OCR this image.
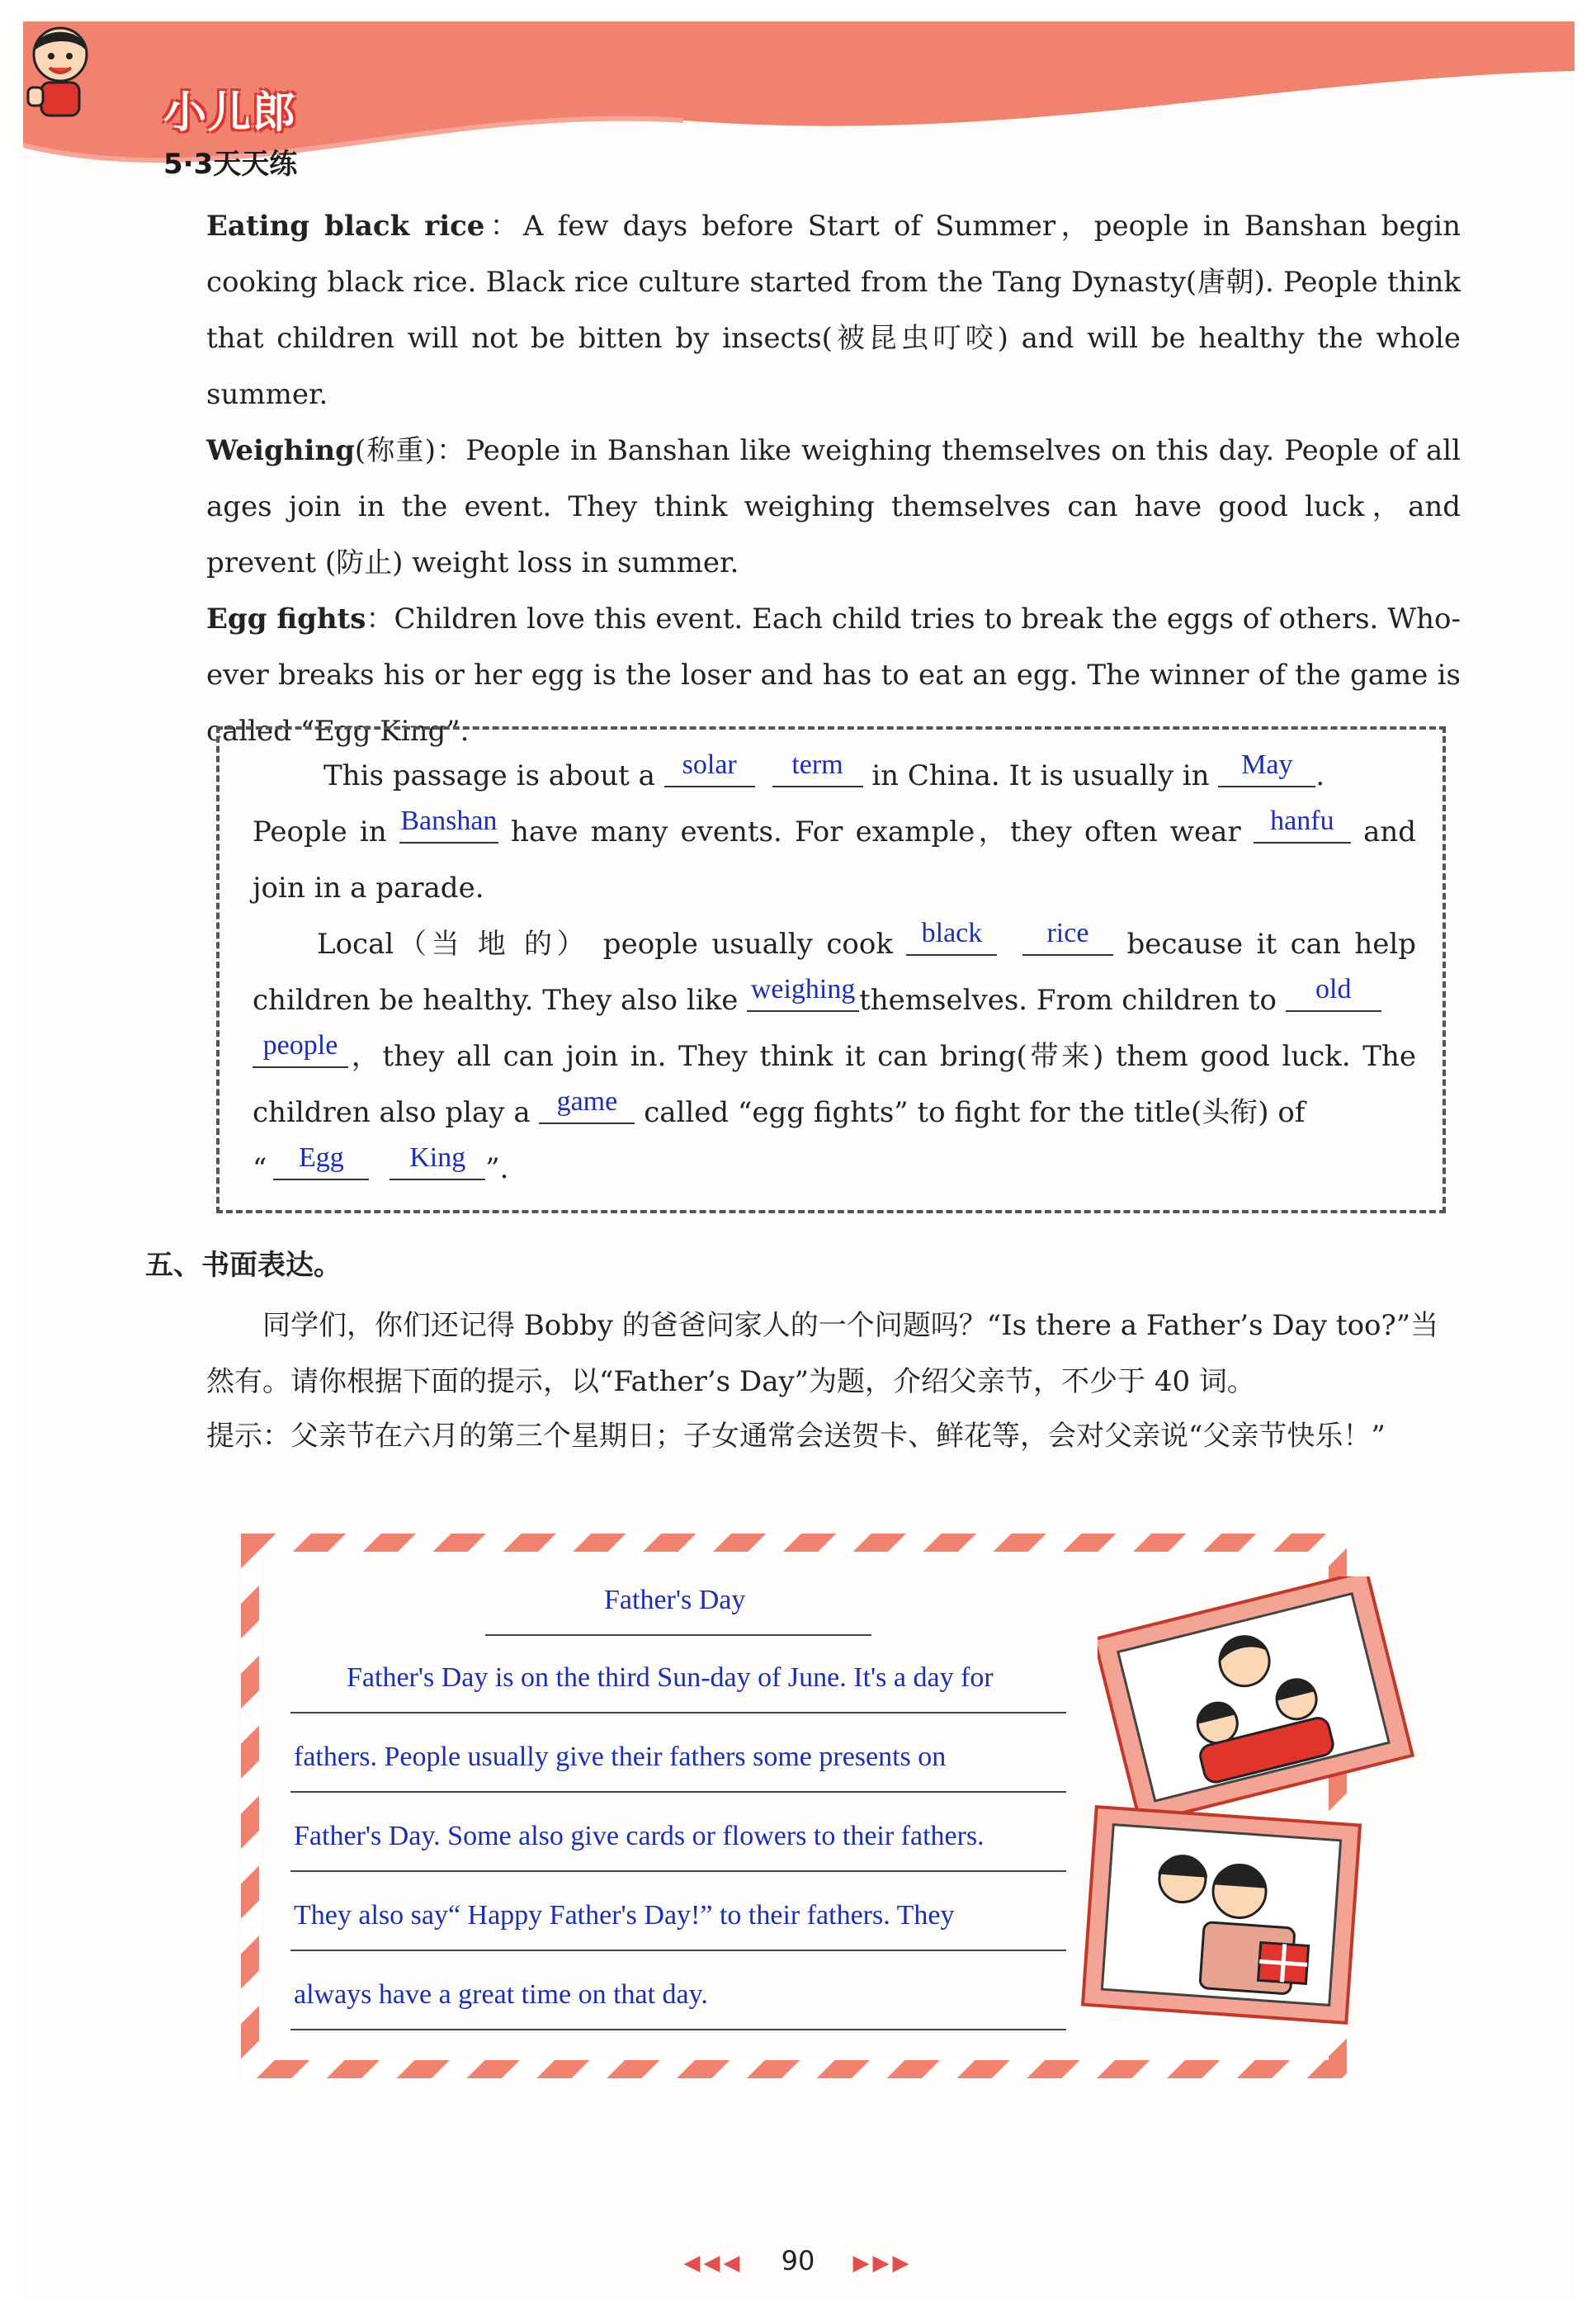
小儿郎
5·3天天练

Eating black rice：A few days before Start of Summer，people in Banshan begin cooking black rice. Black rice culture started from the Tang Dynasty(唐朝). People think that children will not be bitten by insects(被昆虫叮咬) and will be healthy the whole summer.

Weighing(称重)：People in Banshan like weighing themselves on this day. People of all ages join in the event. They think weighing themselves can have good luck，and prevent (防止) weight loss in summer.

Egg fights：Children love this event. Each child tries to break the eggs of others. Who-ever breaks his or her egg is the loser and has to eat an egg. The winner of the game is called “Egg King”.

This passage is about a solar term in China. It is usually in May .
People in Banshan have many events. For example，they often wear hanfu and join in a parade.
Local（当 地 的） people usually cook black rice because it can help children be healthy. They also like weighing themselves. From children to old
people ，they all can join in. They think it can bring(带来) them good luck. The children also play a game called “egg fights” to fight for the title(头衔) of
“ Egg King ”.
五、书面表达。
同学们，你们还记得 Bobby 的爸爸问家人的一个问题吗？“Is there a Father’s Day too?”当然有。请你根据下面的提示，以“Father’s Day”为题，介绍父亲节，不少于 40 词。
提示：父亲节在六月的第三个星期日；子女通常会送贺卡、鲜花等，会对父亲说“父亲节快乐！”
Father's Day
Father's Day is on the third Sun-day of June. It's a day for
fathers. People usually give their fathers some presents on
Father's Day. Some also give cards or flowers to their fathers.
They also say“ Happy Father's Day!” to their fathers. They
always have a great time on that day.
◀◀◀ 90 ▶▶▶
